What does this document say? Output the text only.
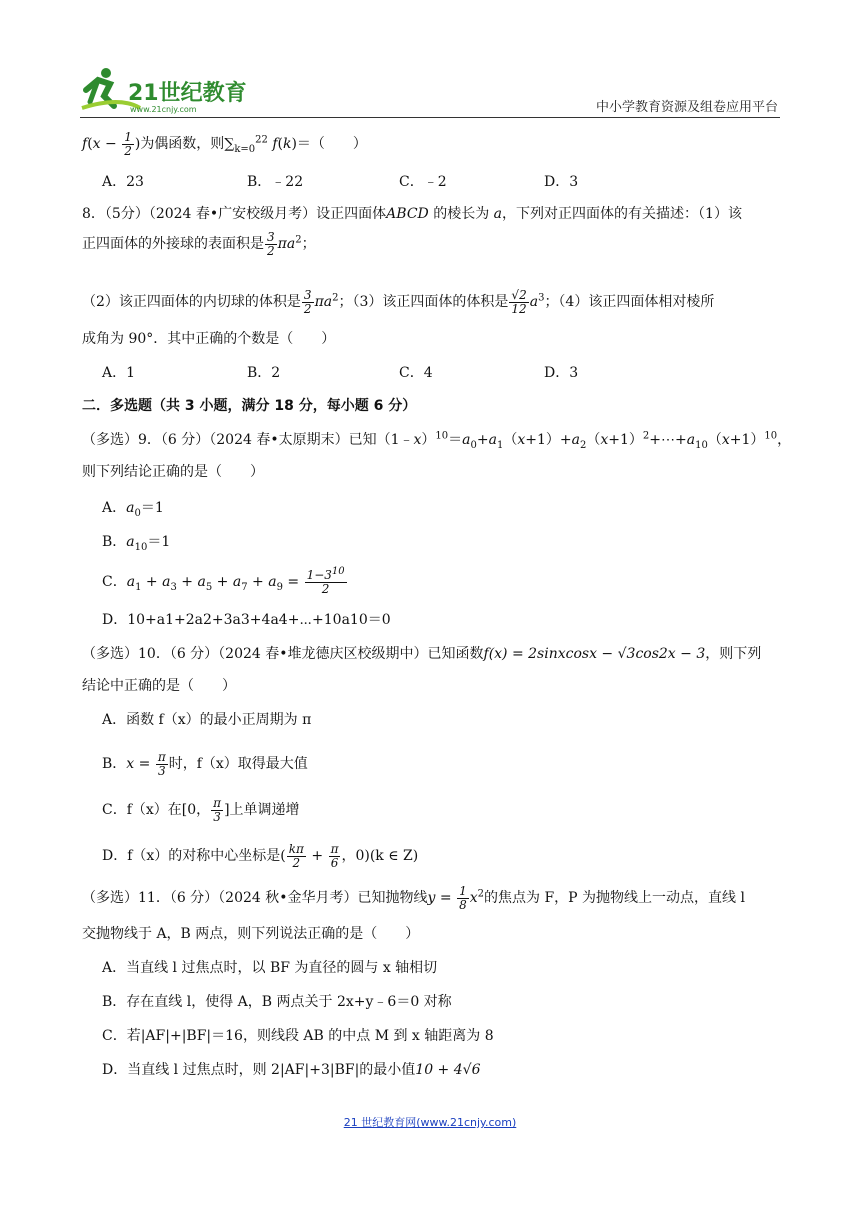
21世纪教育
www.21cnjy.com	中小学教育资源及组卷应用平台
$f(x - \frac{1}{2}$ )为偶函数，则$\sum_{k=0}^{22}$ f(k)＝（　　）
A．23	B．﹣22	C．﹣2	D．3
8．（5分）（2024 春•广安校级月考）设正四面体ABCD 的棱长为 a，下列对正四面体的有关描述：（1）该
正四面体的外接球的表面积是 $\frac{3}{2} \pi a^2$；
（2）该正四面体的内切球的体积是 $\frac{3}{2} \pi a^2$；（3）该正四面体的体积是 $\frac{√2}{12} a^3$；（4）该正四面体相对棱所
成角为 90°．其中正确的个数是（　　）
A．1	B．2	C．4	D．3
二．多选题（共 3 小题，满分 18 分，每小题 6 分）
（多选）9．（6 分）（2024 春•太原期末）已知$(1﹣x)^{10}=a_0+a_1(x+1)+a_2(x+1)^2+\cdots+a_{10}(x+1)^{10}$，
则下列结论正确的是（　　）
A．$a_0=1$
B．$a_{10}=1$
C．$a_1 + a_3 + a_5 + a_7 + a_9 = \frac{1-3^{10}}{2}$
D．10+a1+2a2+3a3+4a4+⋯+10a10＝0
（多选）10．（6 分）（2024 春•堆龙德庆区校级期中）已知函数f(x) = 2sinxcosx − √3cos2x − 3，则下列
结论中正确的是（　　）
A．函数 f（x）的最小正周期为 π
B．$x = \frac{\pi}{3}$ 时，f（x）取得最大值
C．f（x）在[0， $\frac{\pi}{3}$ ]上单调递增
D．f（x）的对称中心坐标是( $\frac{k\pi}{2} + \frac{\pi}{6}$ ，0)(k ∈ Z)
（多选）11．（6 分）（2024 秋•金华月考）已知抛物线$y = \frac{1}{8} x^2$的焦点为 F，P 为抛物线上一动点，直线 l
交抛物线于 A，B 两点，则下列说法正确的是（　　）
A．当直线 l 过焦点时，以 BF 为直径的圆与 x 轴相切
B．存在直线 l，使得 A，B 两点关于 2x+y﹣6＝0 对称
C．若|AF|+|BF|＝16，则线段 AB 的中点 M 到 x 轴距离为 8
D．当直线 l 过焦点时，则 2|AF|+3|BF|的最小值10 + 4√6
21 世纪教育网(www.21cnjy.com)
